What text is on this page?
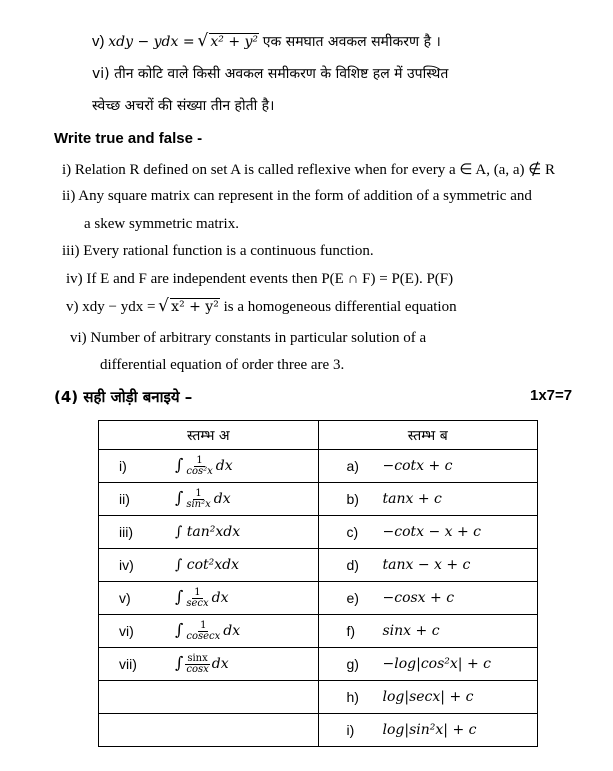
v) xdy − ydx = √ x² + y² एक समघात अवकल समीकरण है ।
vi) तीन कोटि वाले किसी अवकल समीकरण के विशिष्ट हल में उपस्थित
स्वेच्छ अचरों की संख्या तीन होती है।
Write true and false -
i) Relation R defined on set A is called reflexive when for every a ∈ A, (a, a) ∉ R
ii) Any square matrix can represent in the form of addition of a symmetric and
a skew symmetric matrix.
iii) Every rational function is a continuous function.
iv) If E and F are independent events then P(E ∩ F) = P(E). P(F)
v) xdy − ydx = √ x² + y² is a homogeneous differential equation
vi) Number of arbitrary constants in particular solution of a
differential equation of order three are 3.
(4) सही जोड़ी बनाइये –	1x7=7
स्तम्भ अ	स्तम्भ ब

i) ∫ $\frac{1}{\text{cos²x}}$ dx	a) −cotx + c

ii) ∫ $\frac{1}{\text{sin²x}}$ dx	b) tanx + c

iii) ∫ tan²xdx	c) −cotx − x + c

iv) ∫ cot²xdx	d) tanx − x + c

v) ∫ $\frac{1}{\sec x}$ dx	e) −cosx + c

vi) ∫ $\frac{1}{cosecx}$ dx	f) sinx + c

vii) ∫ $\frac{\sin x}{\cos x}$ dx	g) −log|cos²x| + c

	h) log|secx| + c

	i) log|sin²x| + c
